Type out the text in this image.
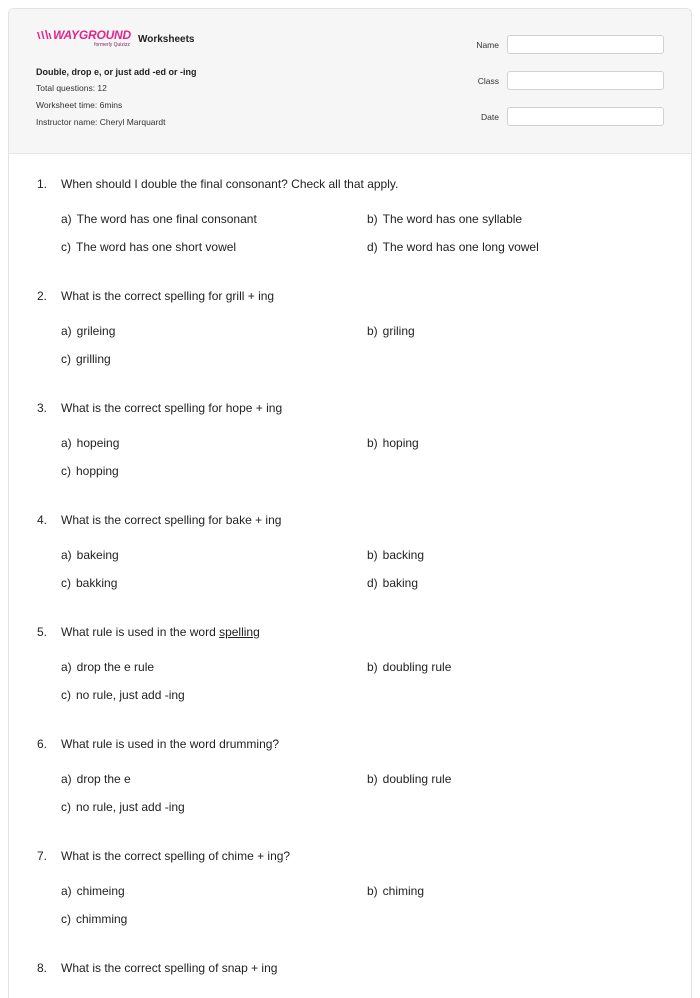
WAYGROUND
formerly Quizizz Worksheets
Double, drop e, or just add -ed or -ing
Total questions: 12
Worksheet time: 6mins
Instructor name: Cheryl Marquardt
Name
Class
Date
1. When should I double the final consonant? Check all that apply.
a) The word has one final consonant	b) The word has one syllable
c) The word has one short vowel	d) The word has one long vowel
2. What is the correct spelling for grill + ing
a) grileing	b) griling
c) grilling
3. What is the correct spelling for hope + ing
a) hopeing	b) hoping
c) hopping
4. What is the correct spelling for bake + ing
a) bakeing	b) backing
c) bakking	d) baking
5. What rule is used in the word spelling
a) drop the e rule	b) doubling rule
c) no rule, just add -ing
6. What rule is used in the word drumming?
a) drop the e	b) doubling rule
c) no rule, just add -ing
7. What is the correct spelling of chime + ing?
a) chimeing	b) chiming
c) chimming
8. What is the correct spelling of snap + ing
